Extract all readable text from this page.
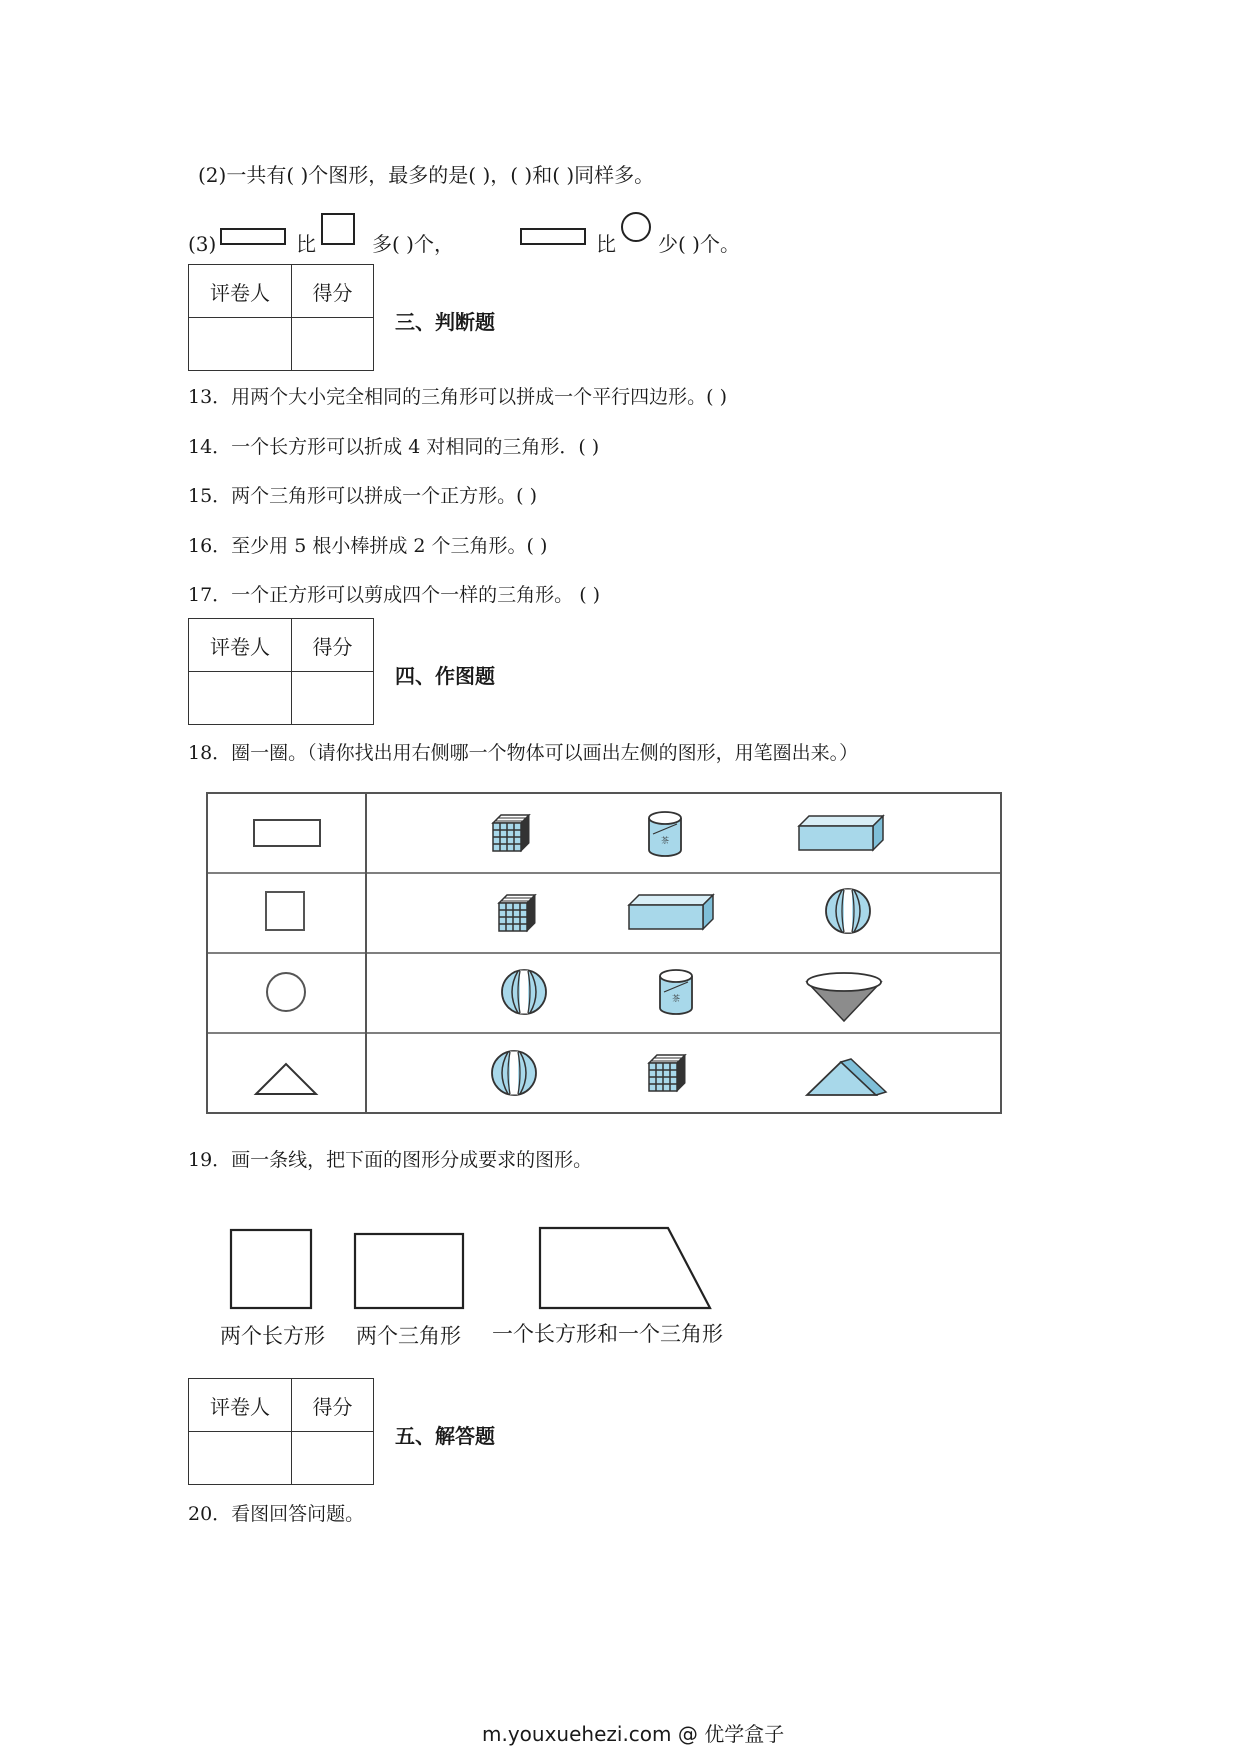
(2)一共有( )个图形，最多的是( )，( )和( )同样多。
(3)	比	多( )个，	比 少( )个。
评卷人	得分

三、判断题
13．用两个大小完全相同的三角形可以拼成一个平行四边形。( )
14．一个长方形可以折成 4 对相同的三角形．( )
15．两个三角形可以拼成一个正方形。( )
16．至少用 5 根小棒拼成 2 个三角形。( )
17．一个正方形可以剪成四个一样的三角形。 ( )
评卷人	得分

四、作图题
18．圈一圈。（请你找出用右侧哪一个物体可以画出左侧的图形，用笔圈出来。）
茶
19．画一条线，把下面的图形分成要求的图形。
两个长方形 两个三角形 一个长方形和一个三角形
评卷人	得分

五、解答题
20．看图回答问题。
m.youxuehezi.com @ 优学盒子
